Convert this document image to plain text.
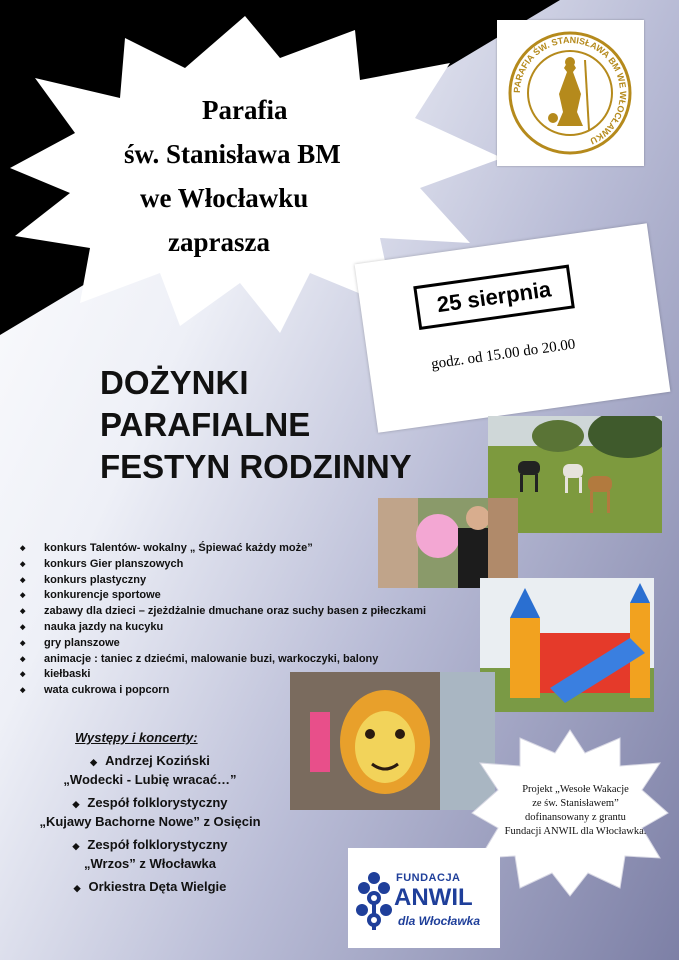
Parafia
św. Stanisława BM
we Włocławku
zaprasza
PARAFIA ŚW. STANISŁAWA BM WE WŁOCŁAWKU
25 sierpnia
godz. od 15.00 do 20.00
DOŻYNKI
PARAFIALNE
FESTYN RODZINNY
◆ konkurs Talentów- wokalny „ Śpiewać każdy może”
◆ konkurs Gier planszowych
◆ konkurs plastyczny
◆ konkurencje sportowe
◆ zabawy dla dzieci – zjeżdżalnie dmuchane oraz suchy basen z piłeczkami
◆ nauka jazdy na kucyku
◆ gry planszowe
◆ animacje : taniec z dziećmi, malowanie buzi, warkoczyki, balony
◆ kiełbaski
◆ wata cukrowa i popcorn
Występy i koncerty:
◆ Andrzej Koziński
„Wodecki - Lubię wracać…”
◆ Zespół folklorystyczny
„Kujawy Bachorne Nowe” z Osięcin
◆ Zespół folklorystyczny
„Wrzos” z Włocławka
◆ Orkiestra Dęta Wielgie
Projekt „Wesołe Wakacje
ze św. Stanisławem”
dofinansowany z grantu
Fundacji ANWIL dla Włocławka.
FUNDACJA
ANWIL
dla Włocławka
